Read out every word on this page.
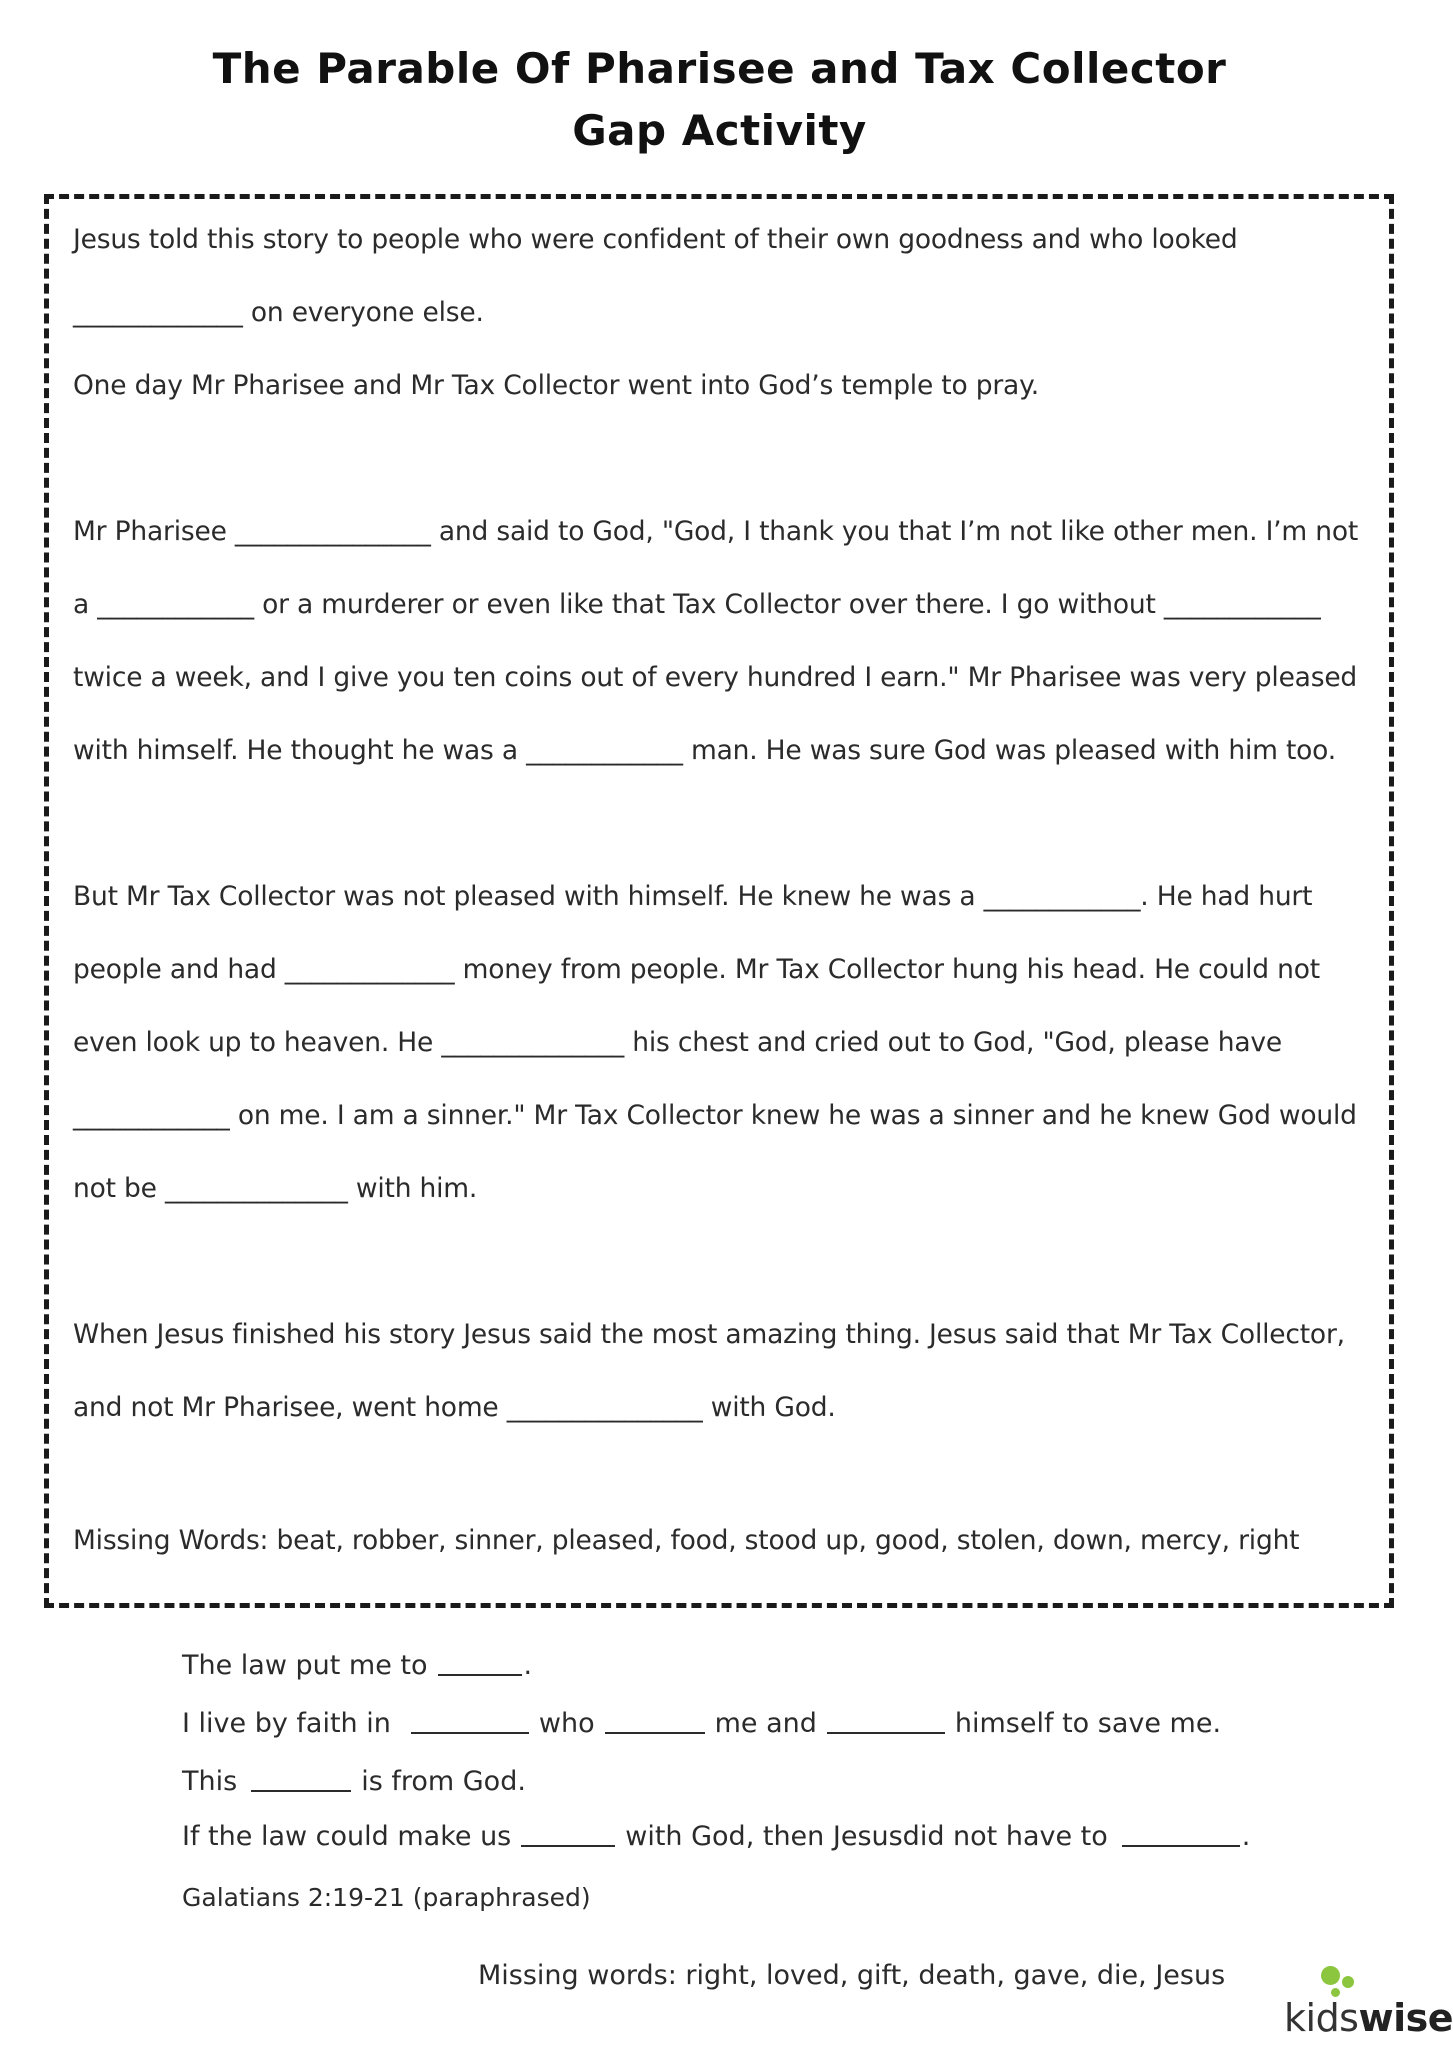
The Parable Of Pharisee and Tax Collector
Gap Activity
Jesus told this story to people who were confident of their own goodness and who looked
_____________ on everyone else.
One day Mr Pharisee and Mr Tax Collector went into God’s temple to pray.
Mr Pharisee _______________ and said to God, "God, I thank you that I’m not like other men. I’m not
a ____________ or a murderer or even like that Tax Collector over there. I go without ____________
twice a week, and I give you ten coins out of every hundred I earn." Mr Pharisee was very pleased
with himself. He thought he was a ____________ man. He was sure God was pleased with him too.
But Mr Tax Collector was not pleased with himself. He knew he was a ____________. He had hurt
people and had _____________ money from people. Mr Tax Collector hung his head. He could not
even look up to heaven. He ______________ his chest and cried out to God, "God, please have
____________ on me. I am a sinner." Mr Tax Collector knew he was a sinner and he knew God would
not be ______________ with him.
When Jesus finished his story Jesus said the most amazing thing. Jesus said that Mr Tax Collector,
and not Mr Pharisee, went home _______________ with God.
Missing Words: beat, robber, sinner, pleased, food, stood up, good, stolen, down, mercy, right
The law put me to	.
I live by faith in	who	me and	himself to save me.
This	is from God.
If the law could make us	with God, then Jesusdid not have to	.
Galatians 2:19-21 (paraphrased)
Missing words: right, loved, gift, death, gave, die, Jesus
kidswise
